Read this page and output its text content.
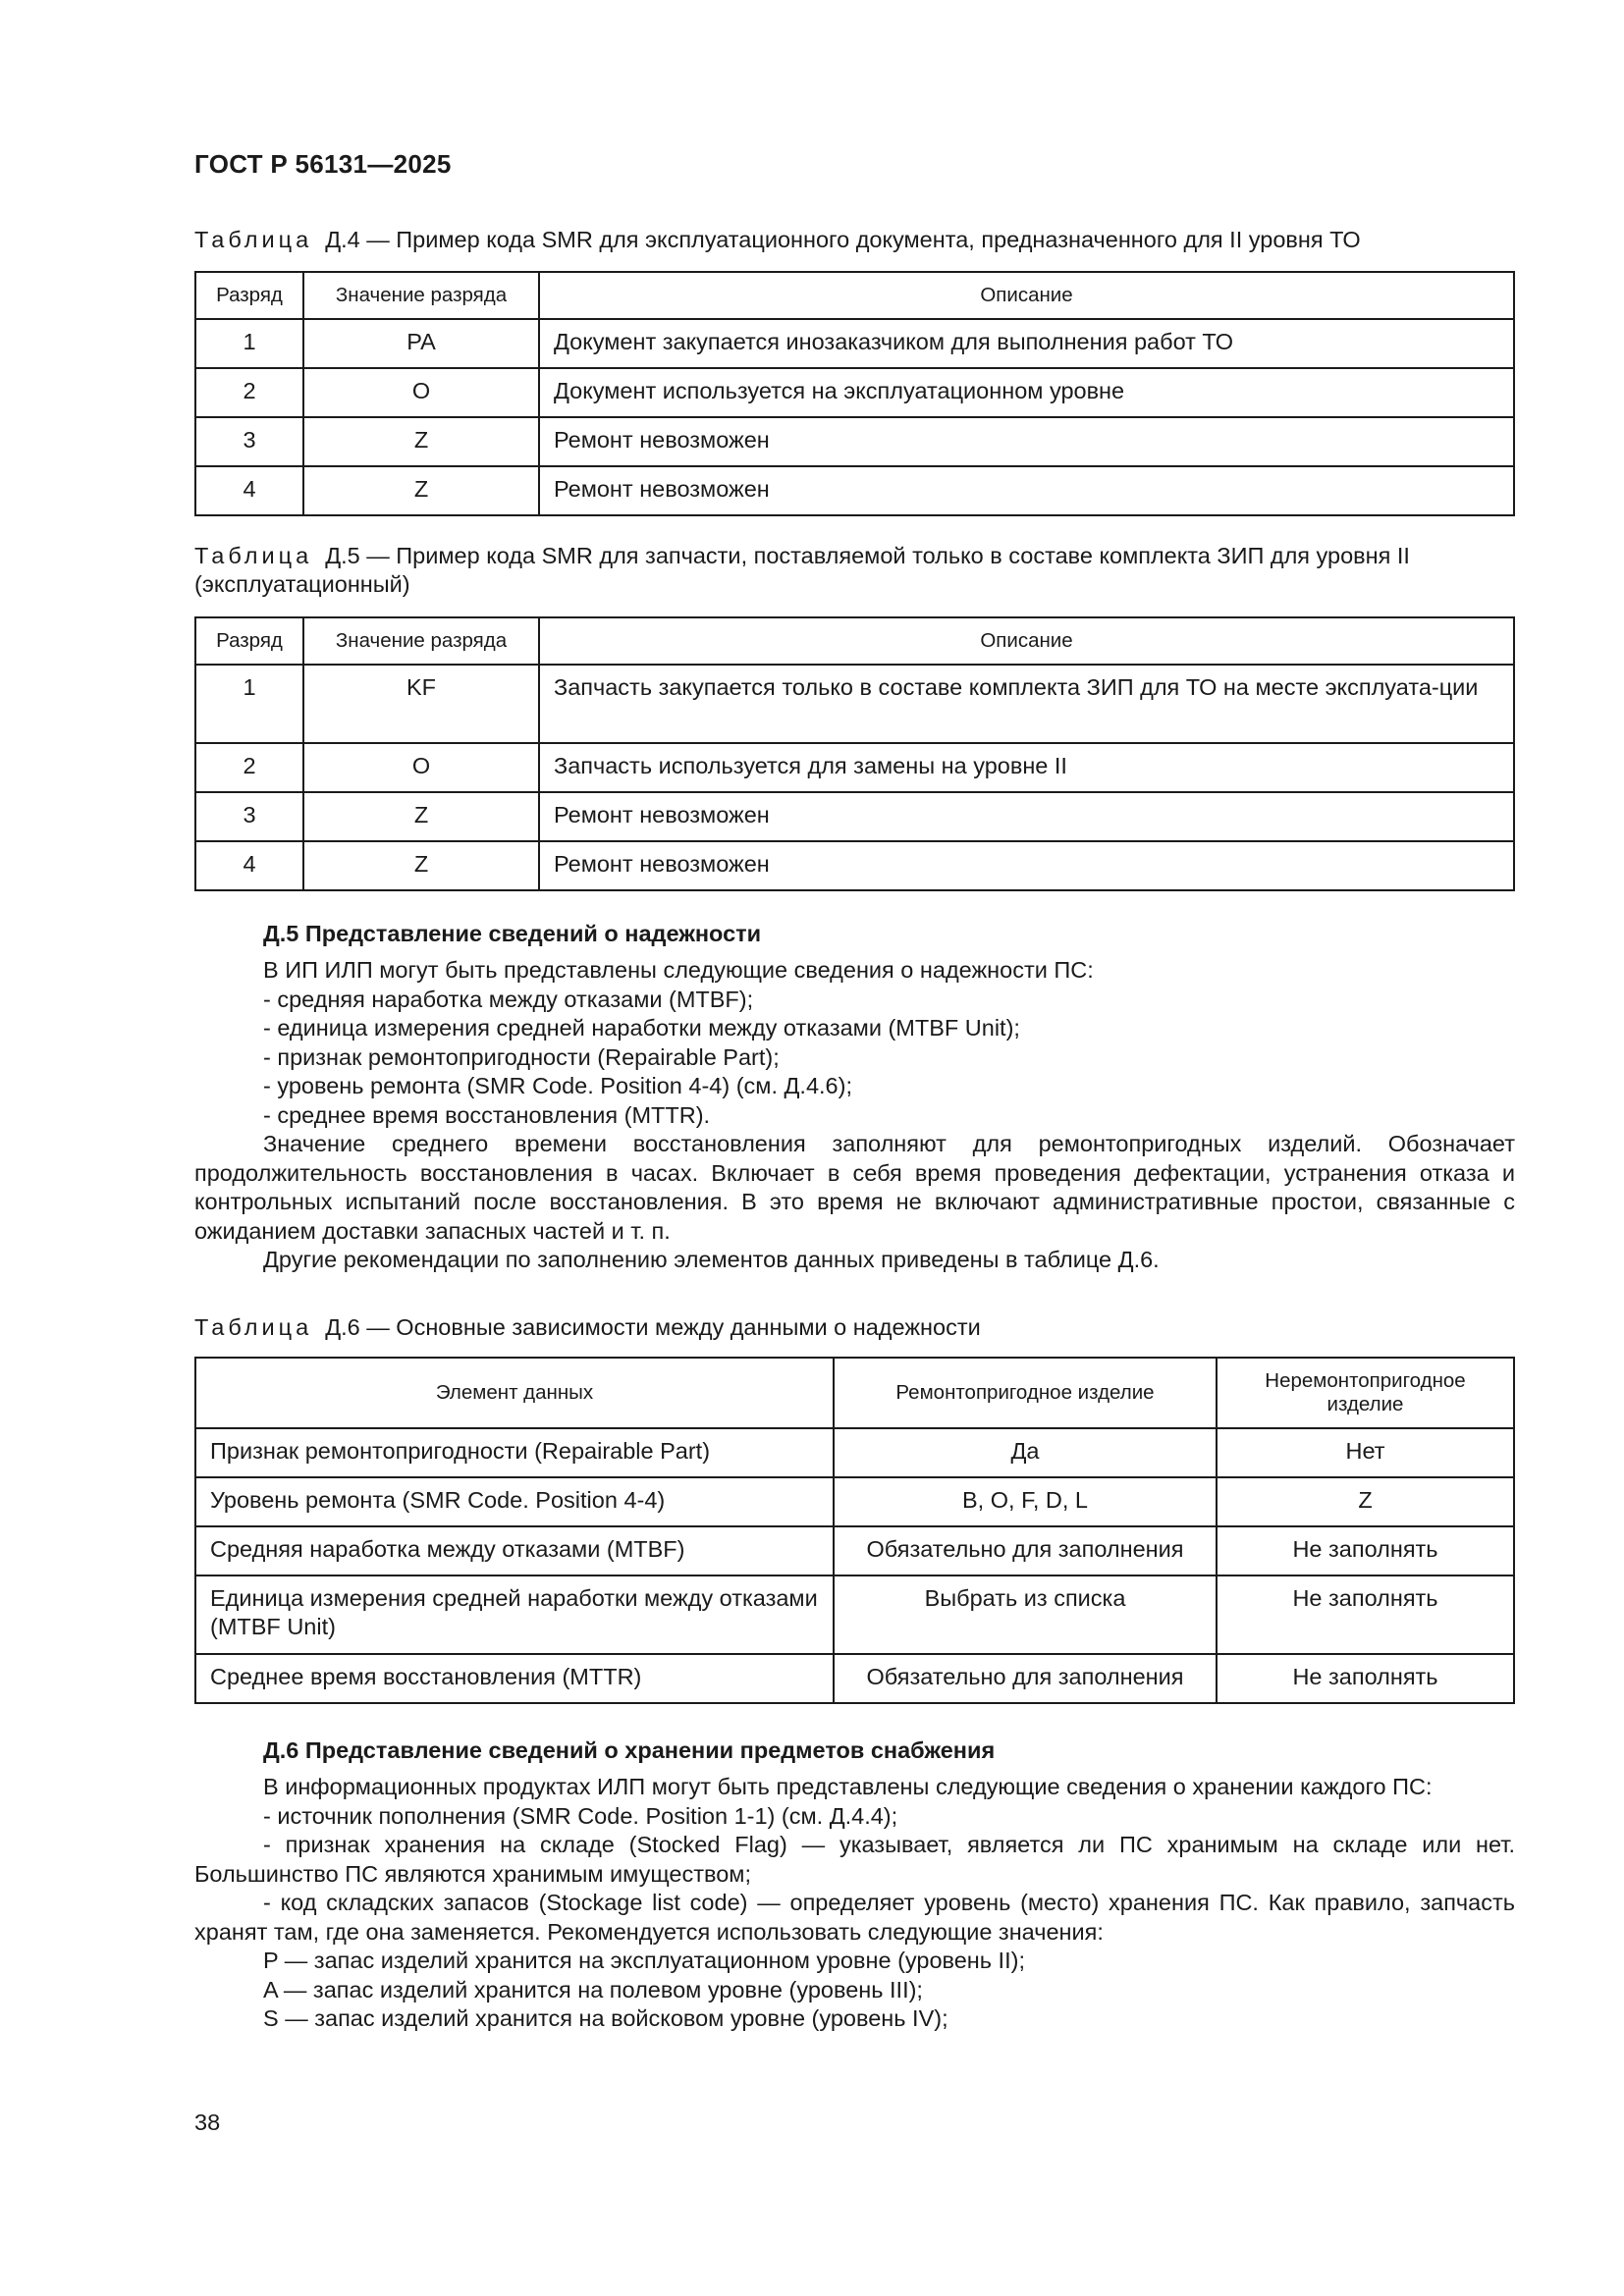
ГОСТ Р 56131—2025
Таблица Д.4 — Пример кода SMR для эксплуатационного документа, предназначенного для II уровня ТО
Разряд	Значение разряда	Описание
1	PA	Документ закупается инозаказчиком для выполнения работ ТО
2	O	Документ используется на эксплуатационном уровне
3	Z	Ремонт невозможен
4	Z	Ремонт невозможен
Таблица Д.5 — Пример кода SMR для запчасти, поставляемой только в составе комплекта ЗИП для уровня II (эксплуатационный)
Разряд	Значение разряда	Описание
1	KF	Запчасть закупается только в составе комплекта ЗИП для ТО на месте эксплуата-ции
2	O	Запчасть используется для замены на уровне II
3	Z	Ремонт невозможен
4	Z	Ремонт невозможен
Д.5 Представление сведений о надежности

В ИП ИЛП могут быть представлены следующие сведения о надежности ПС:

- средняя наработка между отказами (MTBF);

- единица измерения средней наработки между отказами (MTBF Unit);

- признак ремонтопригодности (Repairable Part);

- уровень ремонта (SMR Code. Position 4-4) (см. Д.4.6);

- среднее время восстановления (MTTR).

Значение среднего времени восстановления заполняют для ремонтопригодных изделий. Обозначает продолжительность восстановления в часах. Включает в себя время проведения дефектации, устранения отказа и контрольных испытаний после восстановления. В это время не включают административные простои, связанные с ожиданием доставки запасных частей и т. п.

Другие рекомендации по заполнению элементов данных приведены в таблице Д.6.

Таблица Д.6 — Основные зависимости между данными о надежности
Элемент данных	Ремонтопригодное изделие	Неремонтопригодное изделие
Признак ремонтопригодности (Repairable Part)	Да	Нет
Уровень ремонта (SMR Code. Position 4-4)	B, O, F, D, L	Z
Средняя наработка между отказами (MTBF)	Обязательно для заполнения	Не заполнять
Единица измерения средней наработки между отказами (MTBF Unit)	Выбрать из списка	Не заполнять
Среднее время восстановления (MTTR)	Обязательно для заполнения	Не заполнять
Д.6 Представление сведений о хранении предметов снабжения

В информационных продуктах ИЛП могут быть представлены следующие сведения о хранении каждого ПС:

- источник пополнения (SMR Code. Position 1-1) (см. Д.4.4);

- признак хранения на складе (Stocked Flag) — указывает, является ли ПС хранимым на складе или нет. Большинство ПС являются хранимым имуществом;

- код складских запасов (Stockage list code) — определяет уровень (место) хранения ПС. Как правило, запчасть хранят там, где она заменяется. Рекомендуется использовать следующие значения:

P — запас изделий хранится на эксплуатационном уровне (уровень II);

A — запас изделий хранится на полевом уровне (уровень III);

S — запас изделий хранится на войсковом уровне (уровень IV);

38
